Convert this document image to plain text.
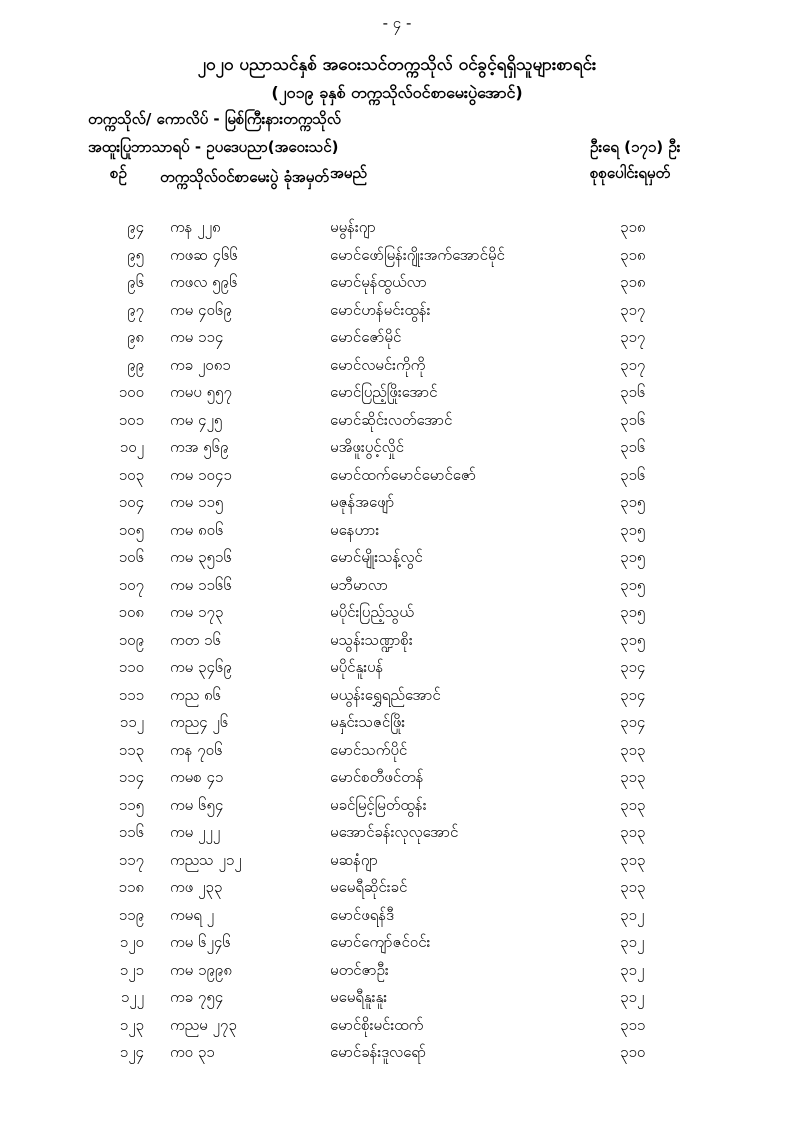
- ၄ -
၂၀၂၀ ပညာသင်နှစ် အဝေးသင်တက္ကသိုလ် ဝင်ခွင့်ရရှိသူများစာရင်း
(၂၀၁၉ ခုနှစ် တက္ကသိုလ်ဝင်စာမေးပွဲအောင်)
တက္ကသိုလ်/ ကောလိပ် - မြစ်ကြီးနားတက္ကသိုလ်
အထူးပြုဘာသာရပ် - ဥပဒေပညာ(အဝေးသင်)	ဦးရေ (၁၇၁) ဦး
စဉ် တက္ကသိုလ်ဝင်စာမေးပွဲ ခုံအမှတ် အမည်	စုစုပေါင်းရမှတ်
၉၄ ကန ၂၂၈	မမွန်းဂျာ	၃၁၈
၉၅ ကဖဆ ၄၆၆	မောင်ဖော်မြန်းဂျိုးအက်အောင်မိုင်	၃၁၈
၉၆ ကဖလ ၅၉၆	မောင်မုန်ထွယ်လာ	၃၁၈
၉၇ ကမ ၄၀၆၉	မောင်ဟန်မင်းထွန်း	၃၁၇
၉၈ ကမ ၁၁၄	မောင်ဇော်မိုင်	၃၁၇
၉၉ ကခ ၂၀၈၁	မောင်လမင်းကိုကို	၃၁၇
၁၀၀ ကမပ ၅၅၇	မောင်ပြည့်ဖြိုးအောင်	၃၁၆
၁၀၁ ကမ ၄၂၅	မောင်ဆိုင်းလတ်အောင်	၃၁၆
၁၀၂ ကအ ၅၆၉	မအိဖူးပွင့်လှိုင်	၃၁၆
၁၀၃ ကမ ၁၀၄၁	မောင်ထက်မောင်မောင်ဇော်	၃၁၆
၁၀၄ ကမ ၁၁၅	မဇုန်အဖျော်	၃၁၅
၁၀၅ ကမ ၈၀၆	မနေဟား	၃၁၅
၁၀၆ ကမ ၃၅၁၆	မောင်မျိုးသန့်လွင်	၃၁၅
၁၀၇ ကမ ၁၁၆၆	မဘီမာလာ	၃၁၅
၁၀၈ ကမ ၁၇၃	မပိုင်းပြည့်သွယ်	၃၁၅
၁၀၉ ကတ ၁၆	မသွန်းသဏ္ဍာစိုး	၃၁၅
၁၁၀ ကမ ၃၄၆၉	မပိုင်နူးပန်	၃၁၄
၁၁၁ ကည ၈၆	မယွန်းရွှေရည်အောင်	၃၁၄
၁၁၂ ကည၄ ၂၆	မနှင်းသဇင်ဖြိုး	၃၁၄
၁၁၃ ကန ၇၀၆	မောင်သက်ပိုင်	၃၁၃
၁၁၄ ကမစ ၄၁	မောင်စတီဖင်တန်	၃၁၃
၁၁၅ ကမ ၆၅၄	မခင်မြင့်မြတ်ထွန်း	၃၁၃
၁၁၆ ကမ ၂၂၂	မအောင်ခန်းလုလုအောင်	၃၁၃
၁၁၇ ကညသ ၂၁၂	မဆနံဂျာ	၃၁၃
၁၁၈ ကဖ ၂၃၃	မမေရီဆိုင်းခင်	၃၁၃
၁၁၉ ကမရ ၂	မောင်ဖရန်ဒီ	၃၁၂
၁၂၀ ကမ ၆၂၄၆	မောင်ကျော်ဇင်ဝင်း	၃၁၂
၁၂၁ ကမ ၁၉၉၈	မတင်ဇာဦး	၃၁၂
၁၂၂ ကခ ၇၅၄	မမေရီနူးနူး	၃၁၂
၁၂၃ ကညမ ၂၇၃	မောင်စိုးမင်းထက်	၃၁၁
၁၂၄ ကဝ ၃၁	မောင်ခန်းဒူလရော်	၃၁၀
